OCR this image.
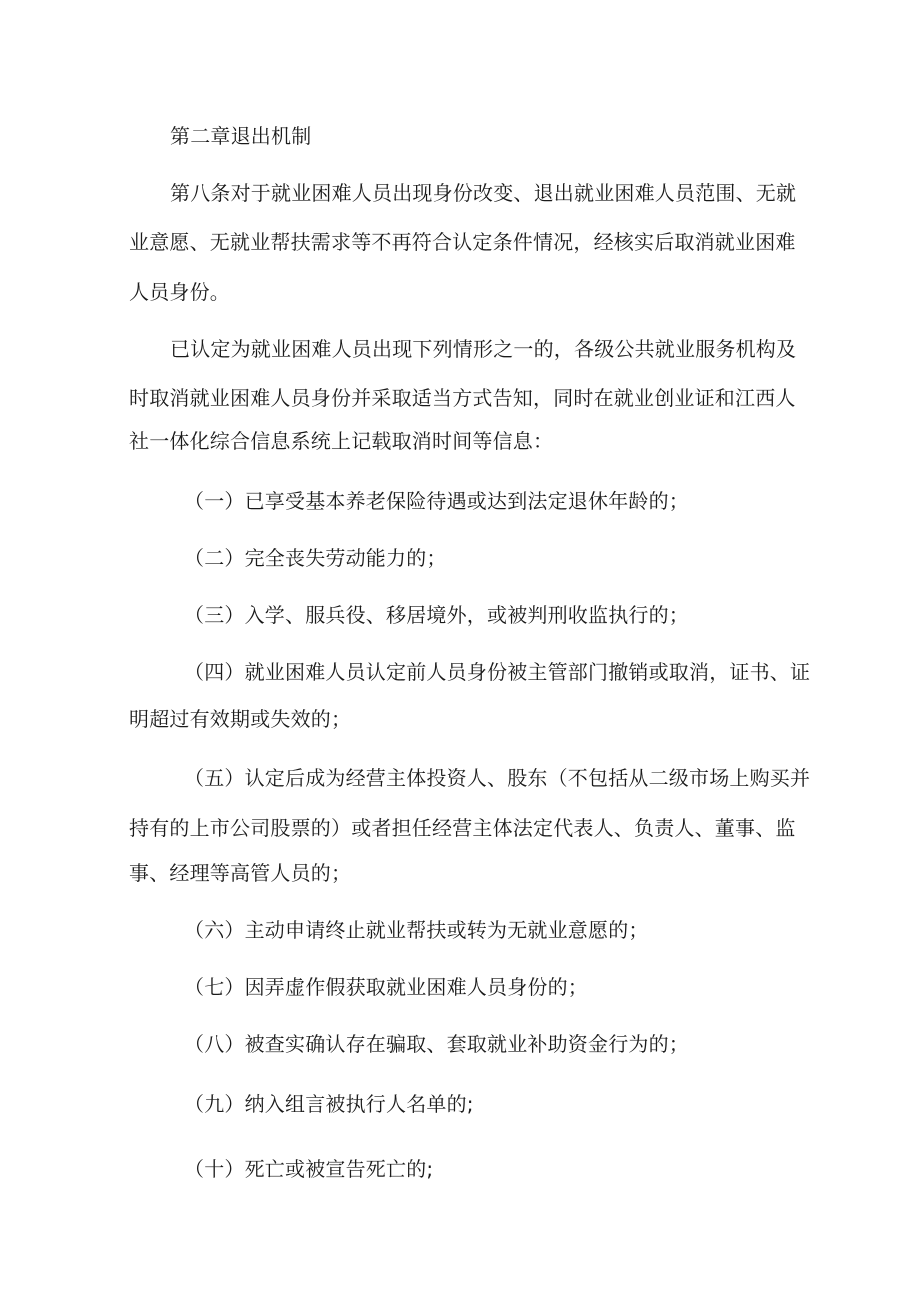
第二章退出机制

第八条对于就业困难人员出现身份改变、退出就业困难人员范围、无就

业意愿、无就业帮扶需求等不再符合认定条件情况，经核实后取消就业困难

人员身份。

已认定为就业困难人员出现下列情形之一的，各级公共就业服务机构及

时取消就业困难人员身份并采取适当方式告知，同时在就业创业证和江西人

社一体化综合信息系统上记载取消时间等信息：

（一）已享受基本养老保险待遇或达到法定退休年龄的；

（二）完全丧失劳动能力的；

（三）入学、服兵役、移居境外，或被判刑收监执行的；

（四）就业困难人员认定前人员身份被主管部门撤销或取消，证书、证

明超过有效期或失效的；

（五）认定后成为经营主体投资人、股东（不包括从二级市场上购买并

持有的上市公司股票的）或者担任经营主体法定代表人、负责人、董事、监

事、经理等高管人员的；

（六）主动申请终止就业帮扶或转为无就业意愿的；

（七）因弄虚作假获取就业困难人员身份的；

（八）被查实确认存在骗取、套取就业补助资金行为的；

（九）纳入组言被执行人名单的;

（十）死亡或被宣告死亡的;
